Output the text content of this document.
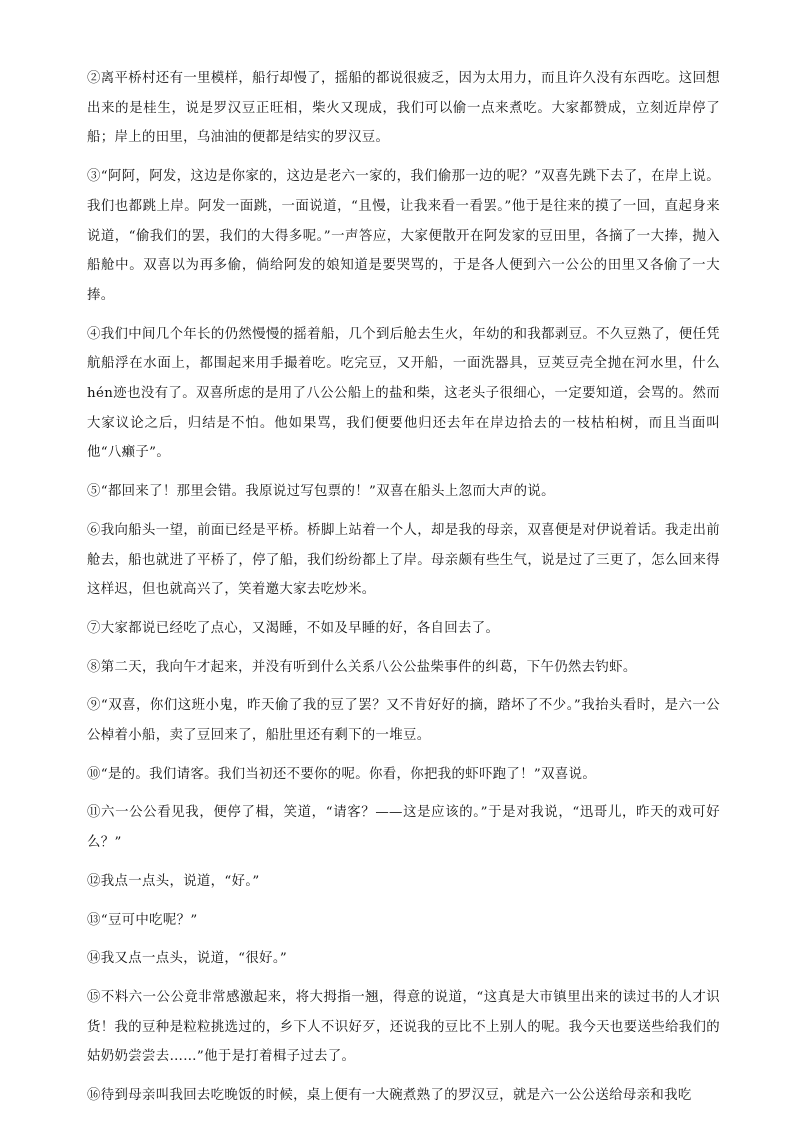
②离平桥村还有一里模样，船行却慢了，摇船的都说很疲乏，因为太用力，而且许久没有东西吃。这回想出来的是桂生，说是罗汉豆正旺相，柴火又现成，我们可以偷一点来煮吃。大家都赞成，立刻近岸停了船；岸上的田里，乌油油的便都是结实的罗汉豆。

③“阿阿，阿发，这边是你家的，这边是老六一家的，我们偷那一边的呢？”双喜先跳下去了，在岸上说。我们也都跳上岸。阿发一面跳，一面说道，“且慢，让我来看一看罢。”他于是往来的摸了一回，直起身来说道，“偷我们的罢，我们的大得多呢。”一声答应，大家便散开在阿发家的豆田里，各摘了一大捧，抛入船舱中。双喜以为再多偷，倘给阿发的娘知道是要哭骂的，于是各人便到六一公公的田里又各偷了一大捧。

④我们中间几个年长的仍然慢慢的摇着船，几个到后舱去生火，年幼的和我都剥豆。不久豆熟了，便任凭航船浮在水面上，都围起来用手撮着吃。吃完豆，又开船，一面洗器具，豆荚豆壳全抛在河水里，什么hén迹也没有了。双喜所虑的是用了八公公船上的盐和柴，这老头子很细心，一定要知道，会骂的。然而大家议论之后，归结是不怕。他如果骂，我们便要他归还去年在岸边拾去的一枝枯桕树，而且当面叫他“八癞子”。

⑤“都回来了！那里会错。我原说过写包票的！”双喜在船头上忽而大声的说。

⑥我向船头一望，前面已经是平桥。桥脚上站着一个人，却是我的母亲，双喜便是对伊说着话。我走出前舱去，船也就进了平桥了，停了船，我们纷纷都上了岸。母亲颇有些生气，说是过了三更了，怎么回来得这样迟，但也就高兴了，笑着邀大家去吃炒米。

⑦大家都说已经吃了点心，又渴睡，不如及早睡的好，各自回去了。

⑧第二天，我向午才起来，并没有听到什么关系八公公盐柴事件的纠葛，下午仍然去钓虾。

⑨“双喜，你们这班小鬼，昨天偷了我的豆了罢？又不肯好好的摘，踏坏了不少。”我抬头看时，是六一公公棹着小船，卖了豆回来了，船肚里还有剩下的一堆豆。

⑩“是的。我们请客。我们当初还不要你的呢。你看，你把我的虾吓跑了！”双喜说。

⑪六一公公看见我，便停了楫，笑道，“请客？——这是应该的。”于是对我说，“迅哥儿，昨天的戏可好么？”

⑫我点一点头，说道，“好。”

⑬“豆可中吃呢？”

⑭我又点一点头，说道，“很好。”

⑮不料六一公公竟非常感激起来，将大拇指一翘，得意的说道，“这真是大市镇里出来的读过书的人才识货！我的豆种是粒粒挑选过的，乡下人不识好歹，还说我的豆比不上别人的呢。我今天也要送些给我们的姑奶奶尝尝去……”他于是打着楫子过去了。

⑯待到母亲叫我回去吃晚饭的时候，桌上便有一大碗煮熟了的罗汉豆，就是六一公公送给母亲和我吃
